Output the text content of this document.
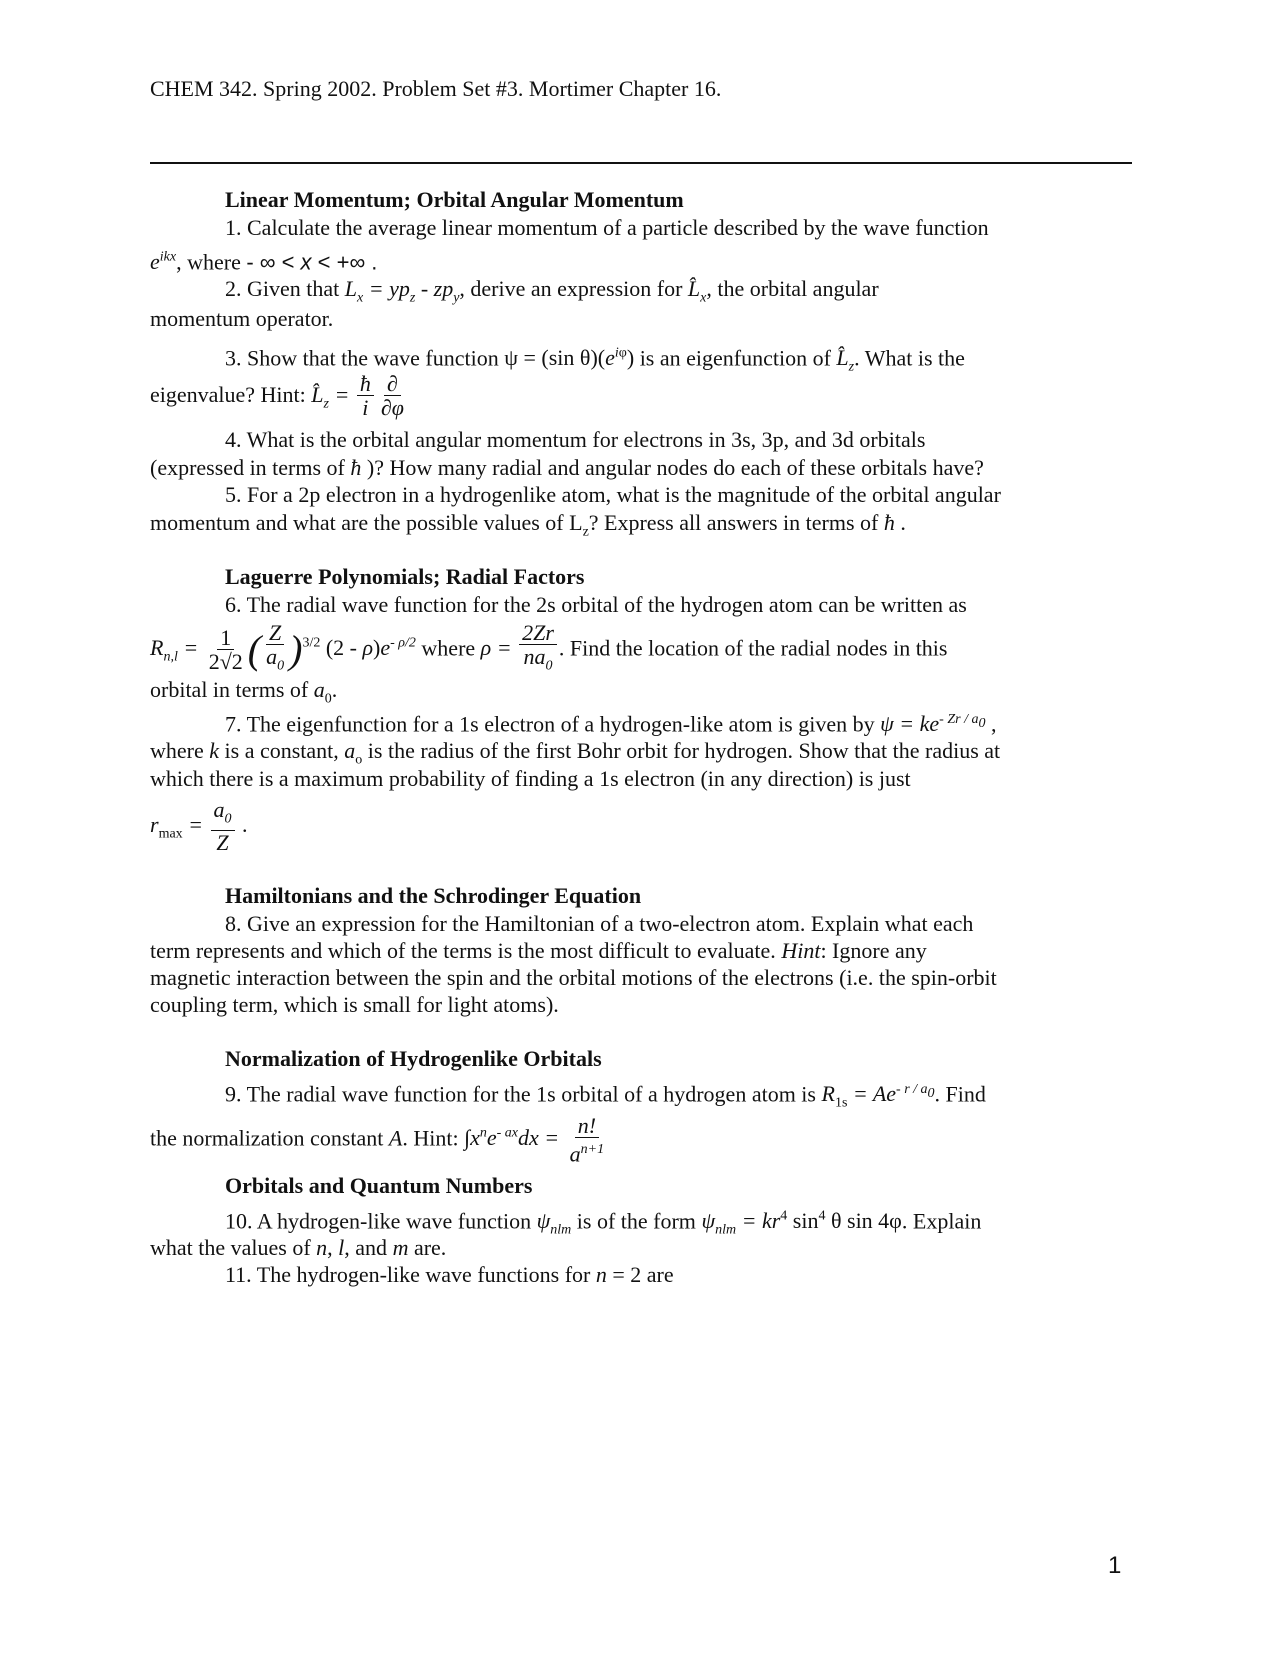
CHEM 342. Spring 2002. Problem Set #3. Mortimer Chapter 16.
Linear Momentum; Orbital Angular Momentum
1. Calculate the average linear momentum of a particle described by the wave function
$e^{ikx}$, where - ∞ < x < +∞ .
2. Given that $L_x = yp_z - zp_y$, derive an expression for $L̂_x$, the orbital angular
momentum operator.
3. Show that the wave function ψ = (sin $\theta)(e^{i\varphi})$ is an eigenfunction of $L̂_z$. What is the
eigenvalue? Hint: $L̂_z = \frac{ħ}{i} \frac{\partial}{\partial\varphi}$
4. What is the orbital angular momentum for electrons in 3s, 3p, and 3d orbitals
(expressed in terms of ħ )? How many radial and angular nodes do each of these orbitals have?
5. For a 2p electron in a hydrogenlike atom, what is the magnitude of the orbital angular
momentum and what are the possible values of $L_z$? Express all answers in terms of ħ .
Laguerre Polynomials; Radial Factors
6. The radial wave function for the 2s orbital of the hydrogen atom can be written as
$R_{n,l} = \frac{1}{2√2}$ ( $\frac{Z}{a_0} )^{3/2}$ $(2 - \rho)e^{- \rho/2}$ where $\rho = \frac{2Zr}{na_0}$ . Find the location of the radial nodes in this
orbital in terms of $a_0$.
7. The eigenfunction for a 1s electron of a hydrogen-like atom is given by $\psi = ke^{- Zr / a_0}$ ,
where k is a constant, $a_o$ is the radius of the first Bohr orbit for hydrogen. Show that the radius at
which there is a maximum probability of finding a 1s electron (in any direction) is just
$r_{max} = \frac{a_0}{Z}$ .
Hamiltonians and the Schrodinger Equation
8. Give an expression for the Hamiltonian of a two-electron atom. Explain what each
term represents and which of the terms is the most difficult to evaluate. Hint: Ignore any
magnetic interaction between the spin and the orbital motions of the electrons (i.e. the spin-orbit
coupling term, which is small for light atoms).
Normalization of Hydrogenlike Orbitals
9. The radial wave function for the 1s orbital of a hydrogen atom is $R_{1s} = Ae^{- r / a_0}$. Find
the normalization constant A. Hint: $\int x^ne^{- ax}dx = \frac{n!}{a^{n+1}}$
Orbitals and Quantum Numbers
10. A hydrogen-like wave function $\psi_{nlm}$ is of the form $\psi_{nlm} = kr^4$ $\sin^4 \theta$ sin 4φ. Explain
what the values of n, l, and m are.
11. The hydrogen-like wave functions for n = 2 are
1
